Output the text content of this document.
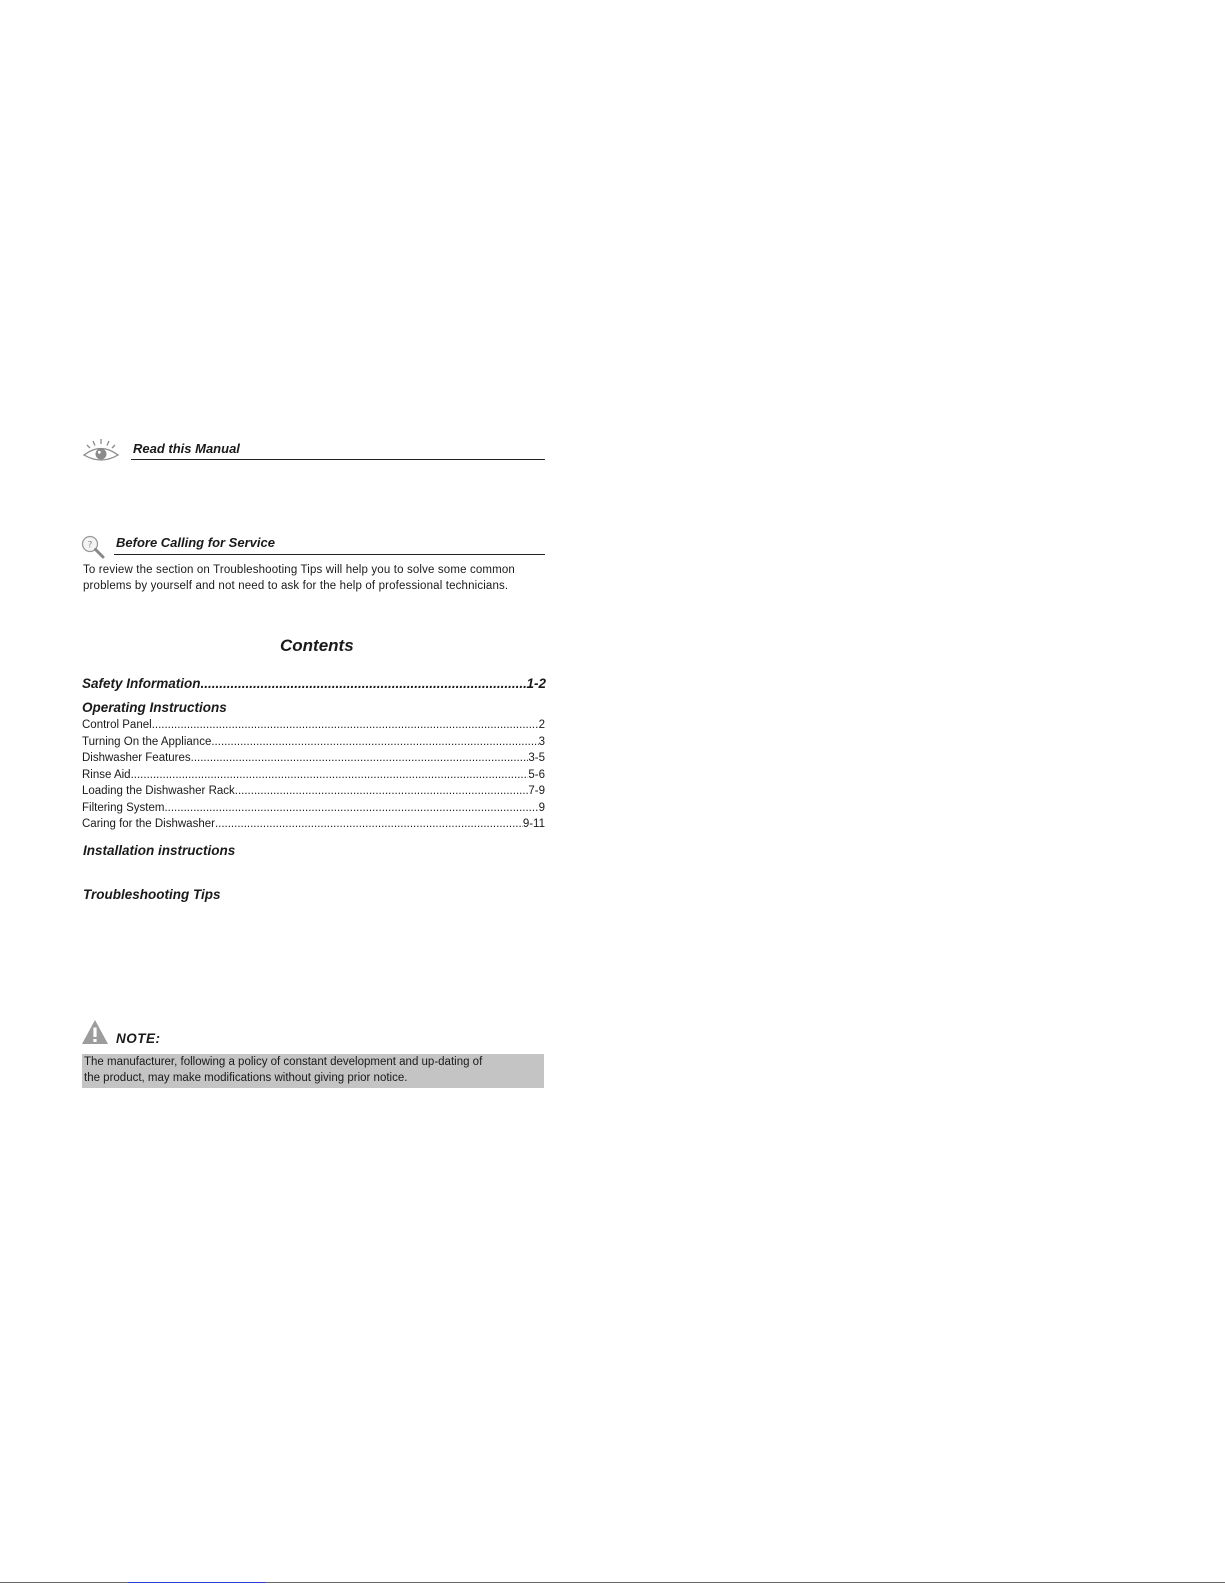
Read this Manual
? Before Calling for Service
To review the section on Troubleshooting Tips will help you to solve some common
problems by yourself and not need to ask for the help of professional technicians.
Contents
Safety Information .....	1-2
Operating Instructions
Control Panel .....	2
Turning On the Appliance .....	3
Dishwasher Features .....	3-5
Rinse Aid .....	5-6
Loading the Dishwasher Rack .....	7-9
Filtering System .....	9
Caring for the Dishwasher .....	9-11
Installation instructions
Troubleshooting Tips
NOTE:
The manufacturer, following a policy of constant development and up-dating of
the product, may make modifications without giving prior notice.
